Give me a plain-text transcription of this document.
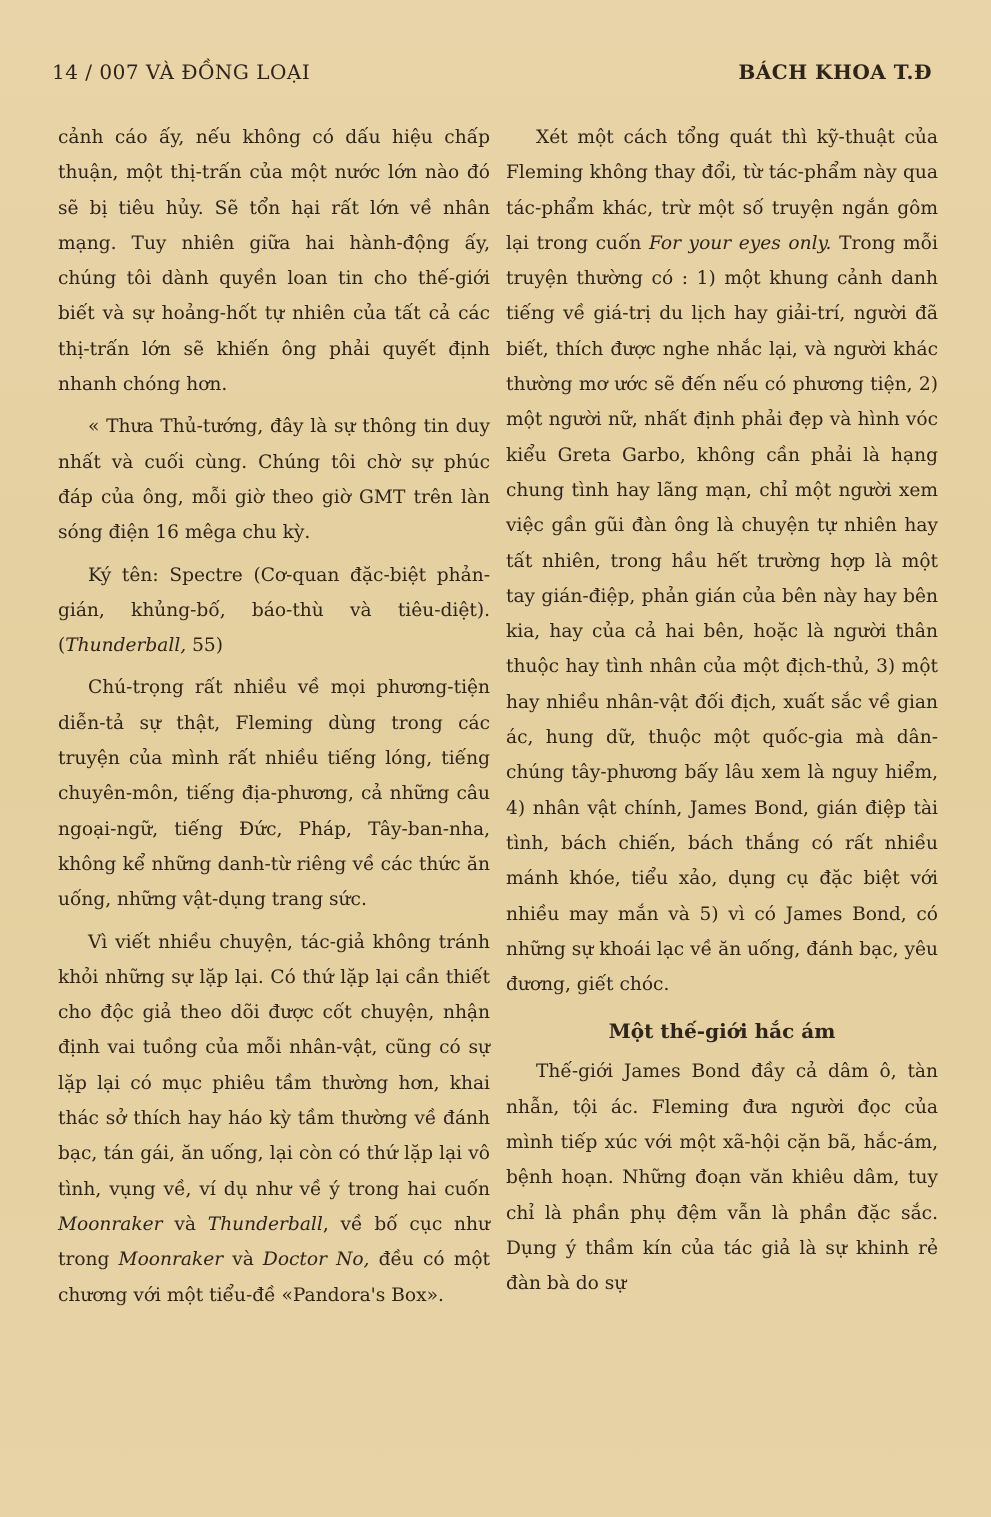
14 / 007 VÀ ĐỒNG LOẠI	BÁCH KHOA T.Đ

cảnh cáo ấy, nếu không có dấu hiệu chấp thuận, một thị-trấn của một nước lớn nào đó sẽ bị tiêu hủy. Sẽ tổn hại rất lớn về nhân mạng. Tuy nhiên giữa hai hành-động ấy, chúng tôi dành quyền loan tin cho thế-giới biết và sự hoảng-hốt tự nhiên của tất cả các thị-trấn lớn sẽ khiến ông phải quyết định nhanh chóng hơn.

« Thưa Thủ-tướng, đây là sự thông tin duy nhất và cuối cùng. Chúng tôi chờ sự phúc đáp của ông, mỗi giờ theo giờ GMT trên làn sóng điện 16 mêga chu kỳ.

Ký tên: Spectre (Cơ-quan đặc-biệt phản-gián, khủng-bố, báo-thù và tiêu-diệt). (Thunderball, 55)

Chú-trọng rất nhiều về mọi phương-tiện diễn-tả sự thật, Fleming dùng trong các truyện của mình rất nhiều tiếng lóng, tiếng chuyên-môn, tiếng địa-phương, cả những câu ngoại-ngữ, tiếng Đức, Pháp, Tây-ban-nha, không kể những danh-từ riêng về các thức ăn uống, những vật-dụng trang sức.

Vì viết nhiều chuyện, tác-giả không tránh khỏi những sự lặp lại. Có thứ lặp lại cần thiết cho độc giả theo dõi được cốt chuyện, nhận định vai tuồng của mỗi nhân-vật, cũng có sự lặp lại có mục phiêu tầm thường hơn, khai thác sở thích hay háo kỳ tầm thường về đánh bạc, tán gái, ăn uống, lại còn có thứ lặp lại vô tình, vụng về, ví dụ như về ý trong hai cuốn Moonraker và Thunderball, về bố cục như trong Moonraker và Doctor No, đều có một chương với một tiểu-đề «Pandora's Box».

Xét một cách tổng quát thì kỹ-thuật của Fleming không thay đổi, từ tác-phẩm này qua tác-phẩm khác, trừ một số truyện ngắn gôm lại trong cuốn For your eyes only. Trong mỗi truyện thường có : 1) một khung cảnh danh tiếng về giá-trị du lịch hay giải-trí, người đã biết, thích được nghe nhắc lại, và người khác thường mơ ước sẽ đến nếu có phương tiện, 2) một người nữ, nhất định phải đẹp và hình vóc kiểu Greta Garbo, không cần phải là hạng chung tình hay lãng mạn, chỉ một người xem việc gần gũi đàn ông là chuyện tự nhiên hay tất nhiên, trong hầu hết trường hợp là một tay gián-điệp, phản gián của bên này hay bên kia, hay của cả hai bên, hoặc là người thân thuộc hay tình nhân của một địch-thủ, 3) một hay nhiều nhân-vật đối địch, xuất sắc về gian ác, hung dữ, thuộc một quốc-gia mà dân-chúng tây-phương bấy lâu xem là nguy hiểm, 4) nhân vật chính, James Bond, gián điệp tài tình, bách chiến, bách thắng có rất nhiều mánh khóe, tiểu xảo, dụng cụ đặc biệt với nhiều may mắn và 5) vì có James Bond, có những sự khoái lạc về ăn uống, đánh bạc, yêu đương, giết chóc.

Một thế-giới hắc ám

Thế-giới James Bond đầy cả dâm ô, tàn nhẫn, tội ác. Fleming đưa người đọc của mình tiếp xúc với một xã-hội cặn bã, hắc-ám, bệnh hoạn. Những đoạn văn khiêu dâm, tuy chỉ là phần phụ đệm vẫn là phần đặc sắc. Dụng ý thầm kín của tác giả là sự khinh rẻ đàn bà do sự
